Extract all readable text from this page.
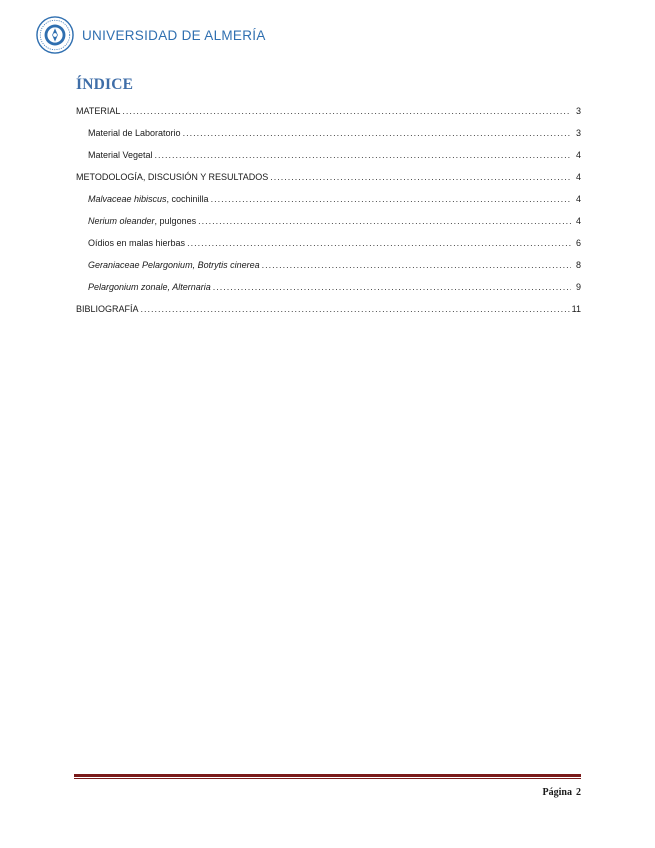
UNIVERSIDAD DE ALMERÍA
ÍNDICE
MATERIAL .....	3
Material de Laboratorio .....	3
Material Vegetal .....	4
METODOLOGÍA, DISCUSIÓN Y RESULTADOS .....	4
Malvaceae hibiscus, cochinilla .....	4
Nerium oleander, pulgones .....	4
Oídios en malas hierbas .....	6
Geraniaceae Pelargonium, Botrytis cinerea .....	8
Pelargonium zonale, Alternaria .....	9
BIBLIOGRAFÍA .....	11
Página 2
